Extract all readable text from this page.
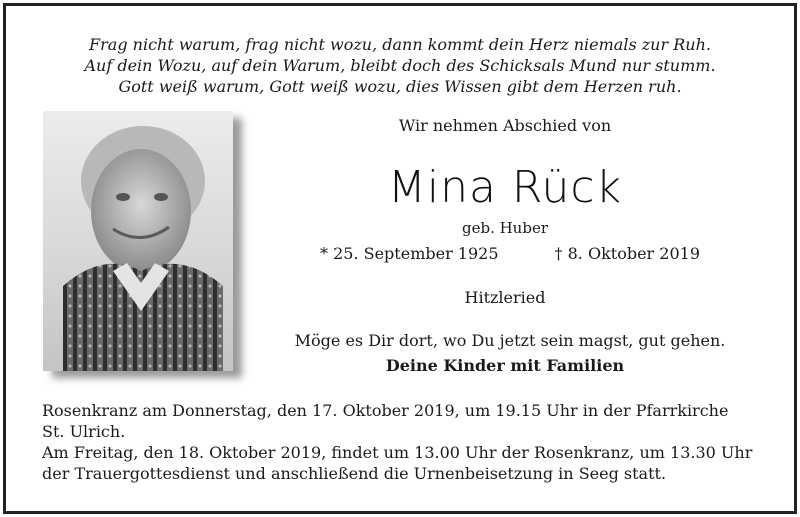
Frag nicht warum, frag nicht wozu, dann kommt dein Herz niemals zur Ruh.
Auf dein Wozu, auf dein Warum, bleibt doch des Schicksals Mund nur stumm.
Gott weiß warum, Gott weiß wozu, dies Wissen gibt dem Herzen ruh.
Wir nehmen Abschied von
Mina Rück
geb. Huber
* 25. September 1925	† 8. Oktober 2019
Hitzleried
Möge es Dir dort, wo Du jetzt sein magst, gut gehen.
Deine Kinder mit Familien

Rosenkranz am Donnerstag, den 17. Oktober 2019, um 19.15 Uhr in der Pfarrkirche

St. Ulrich.

Am Freitag, den 18. Oktober 2019, findet um 13.00 Uhr der Rosenkranz, um 13.30 Uhr

der Trauergottesdienst und anschließend die Urnenbeisetzung in Seeg statt.
